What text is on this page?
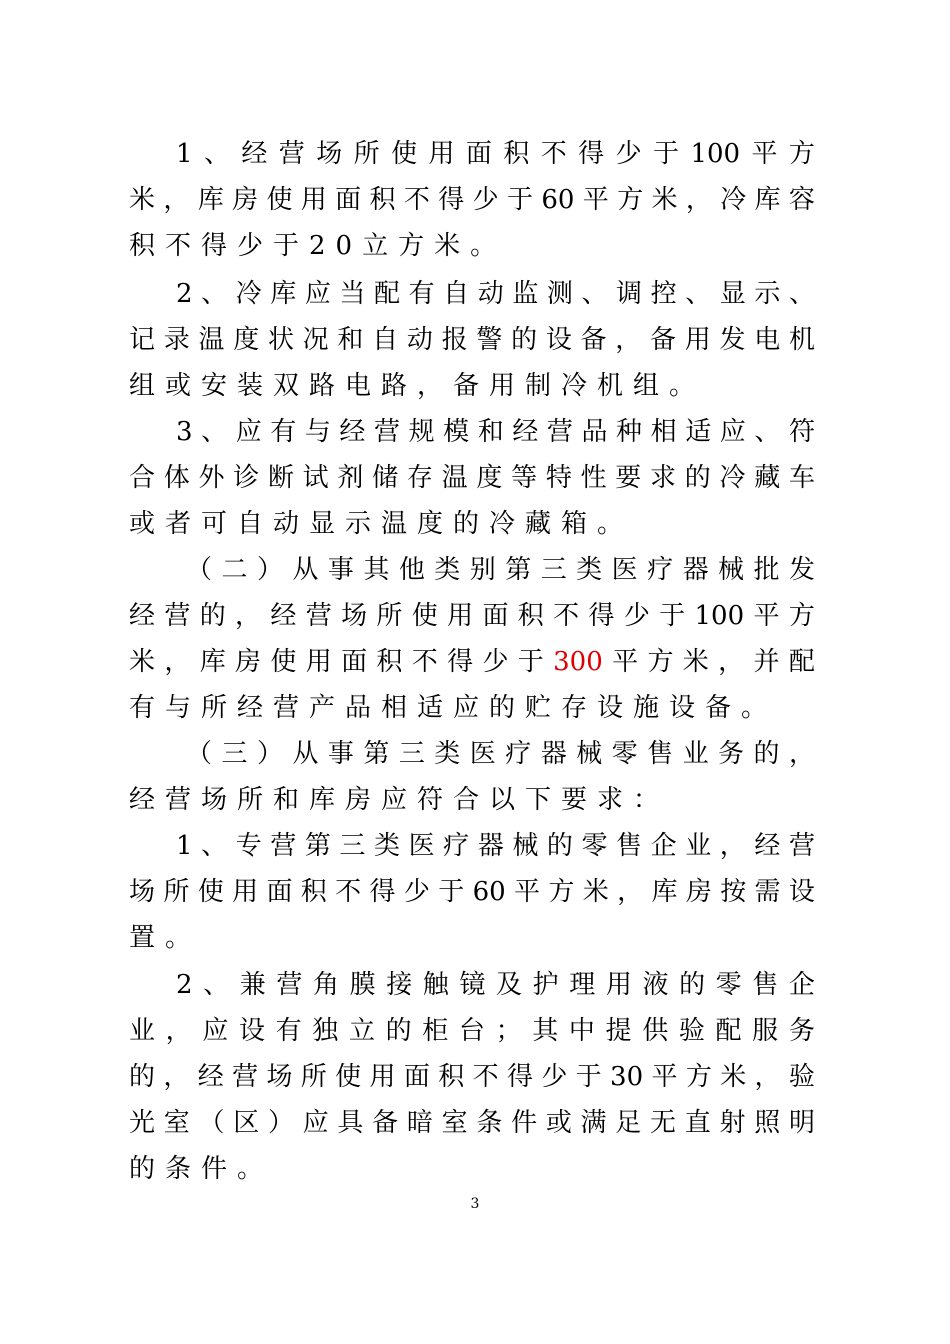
1 、 经 营 场 所 使 用 面 积 不 得 少 于 100 平 方
米 ， 库 房 使 用 面 积 不 得 少 于 60 平 方 米 ， 冷 库 容
积不得少于20立方米。
2 、 冷 库 应 当 配 有 自 动 监 测 、 调 控 、 显 示 、
记 录 温 度 状 况 和 自 动 报 警 的 设 备 ， 备 用 发 电 机
组或安装双路电路，备用制冷机组。
3 、 应 有 与 经 营 规 模 和 经 营 品 种 相 适 应 、 符
合 体 外 诊 断 试 剂 储 存 温 度 等 特 性 要 求 的 冷 藏 车
或者可自动显示温度的冷藏箱。
（ 二 ） 从 事 其 他 类 别 第 三 类 医 疗 器 械 批 发
经 营 的 ， 经 营 场 所 使 用 面 积 不 得 少 于 100 平 方
米 ， 库 房 使 用 面 积 不 得 少 于 300 平 方 米 ， 并 配
有与所经营产品相适应的贮存设施设备。
（ 三 ） 从 事 第 三 类 医 疗 器 械 零 售 业 务 的 ，
经营场所和库房应符合以下要求：
1 、 专 营 第 三 类 医 疗 器 械 的 零 售 企 业 ， 经 营
场 所 使 用 面 积 不 得 少 于 60 平 方 米 ， 库 房 按 需 设
置。
2 、 兼 营 角 膜 接 触 镜 及 护 理 用 液 的 零 售 企
业 ， 应 设 有 独 立 的 柜 台 ； 其 中 提 供 验 配 服 务
的 ， 经 营 场 所 使 用 面 积 不 得 少 于 30 平 方 米 ， 验
光 室 （ 区 ） 应 具 备 暗 室 条 件 或 满 足 无 直 射 照 明
的条件。
3
